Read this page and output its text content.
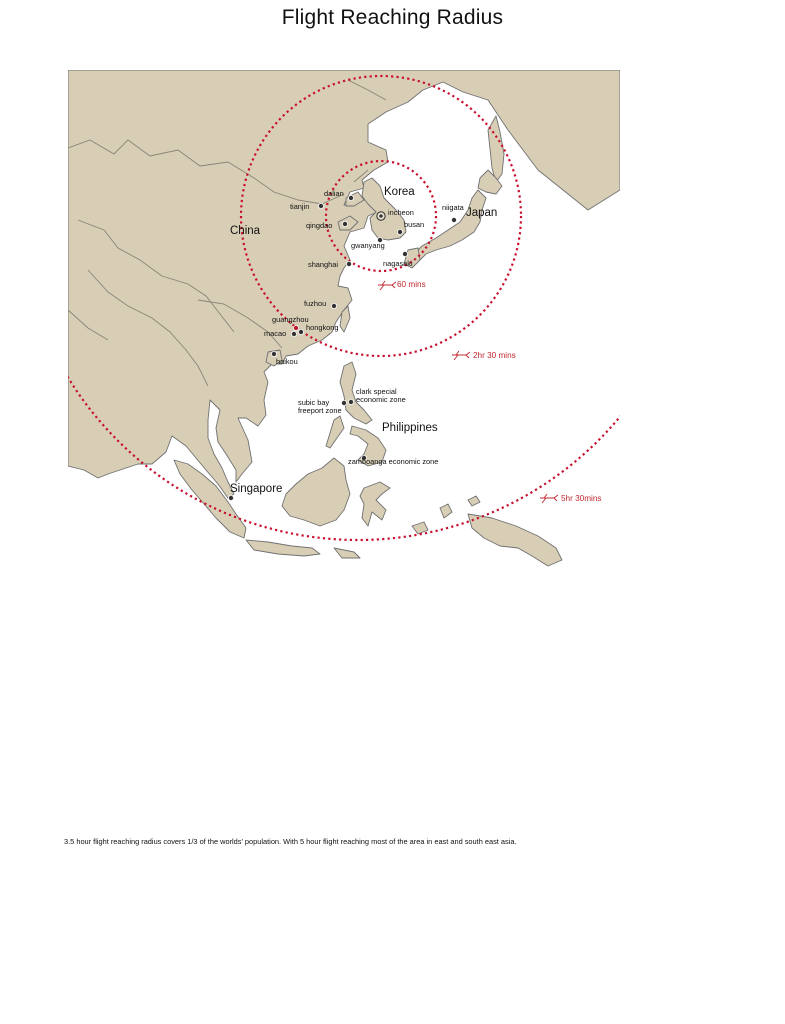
Flight Reaching Radius
China
Korea
Japan
Philippines
Singapore
dalian
tianjin
qingdao
incheon
busan
gwanyang
niigata
nagasaki
shanghai
fuzhou
guangzhou
hongkong
macao
haikou
clark special
economic zone
subic bay
freeport zone
zamboanga economic zone
60 mins
2hr 30 mins
5hr 30mins

3.5 hour flight reaching radius covers 1/3 of the worlds' population. With 5 hour flight reaching most of the area in east and south east asia.
